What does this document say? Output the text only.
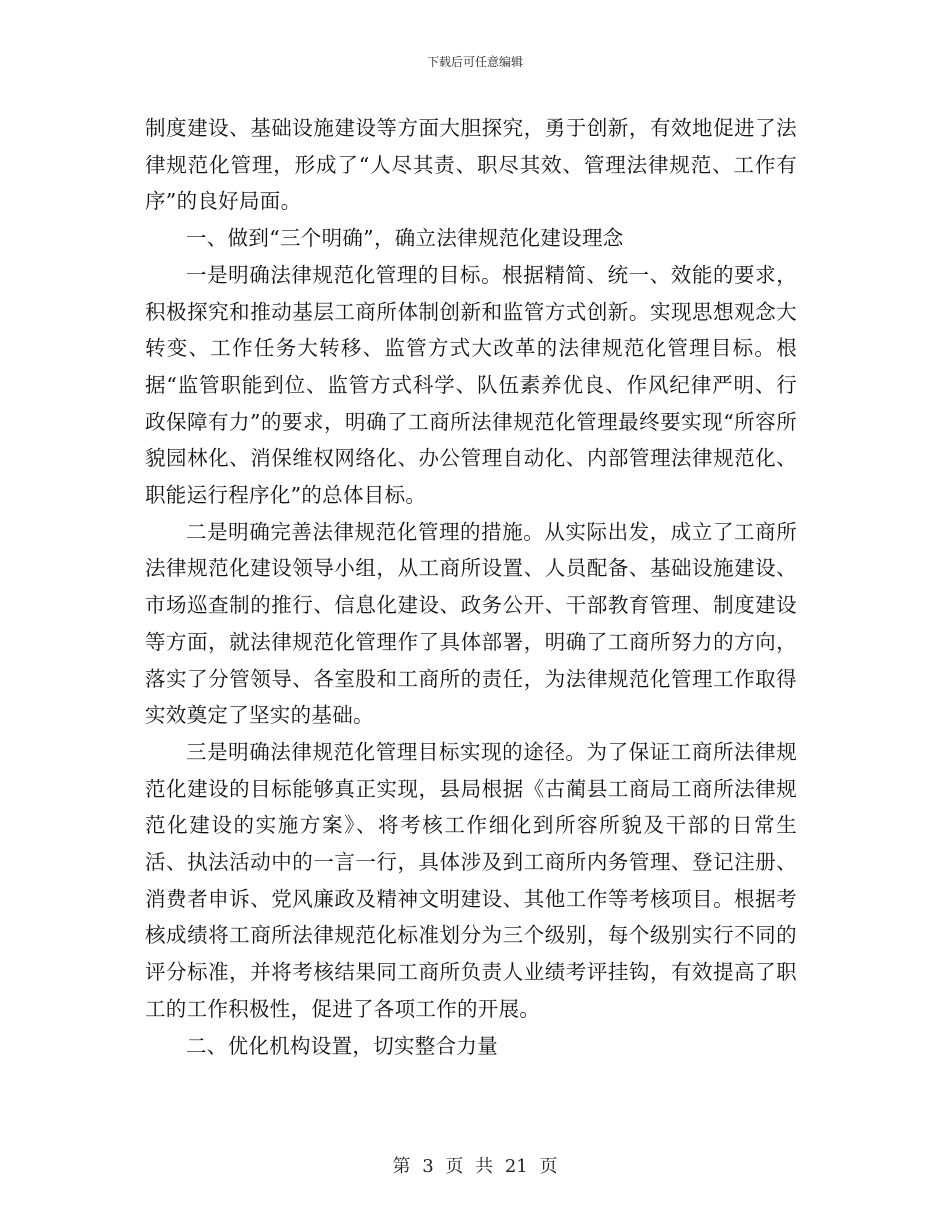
下载后可任意编辑

制度建设、基础设施建设等方面大胆探究，勇于创新，有效地促进了法律规范化管理，形成了“人尽其责、职尽其效、管理法律规范、工作有序”的良好局面。

一、做到“三个明确”，确立法律规范化建设理念

一是明确法律规范化管理的目标。根据精简、统一、效能的要求，积极探究和推动基层工商所体制创新和监管方式创新。实现思想观念大转变、工作任务大转移、监管方式大改革的法律规范化管理目标。根据“监管职能到位、监管方式科学、队伍素养优良、作风纪律严明、行政保障有力”的要求，明确了工商所法律规范化管理最终要实现“所容所貌园林化、消保维权网络化、办公管理自动化、内部管理法律规范化、职能运行程序化”的总体目标。

二是明确完善法律规范化管理的措施。从实际出发，成立了工商所法律规范化建设领导小组，从工商所设置、人员配备、基础设施建设、市场巡查制的推行、信息化建设、政务公开、干部教育管理、制度建设等方面，就法律规范化管理作了具体部署，明确了工商所努力的方向，落实了分管领导、各室股和工商所的责任，为法律规范化管理工作取得实效奠定了坚实的基础。

三是明确法律规范化管理目标实现的途径。为了保证工商所法律规范化建设的目标能够真正实现，县局根据《古蔺县工商局工商所法律规范化建设的实施方案》、将考核工作细化到所容所貌及干部的日常生活、执法活动中的一言一行，具体涉及到工商所内务管理、登记注册、消费者申诉、党风廉政及精神文明建设、其他工作等考核项目。根据考核成绩将工商所法律规范化标准划分为三个级别，每个级别实行不同的评分标准，并将考核结果同工商所负责人业绩考评挂钩，有效提高了职工的工作积极性，促进了各项工作的开展。

二、优化机构设置，切实整合力量

第 3 页 共 21 页
